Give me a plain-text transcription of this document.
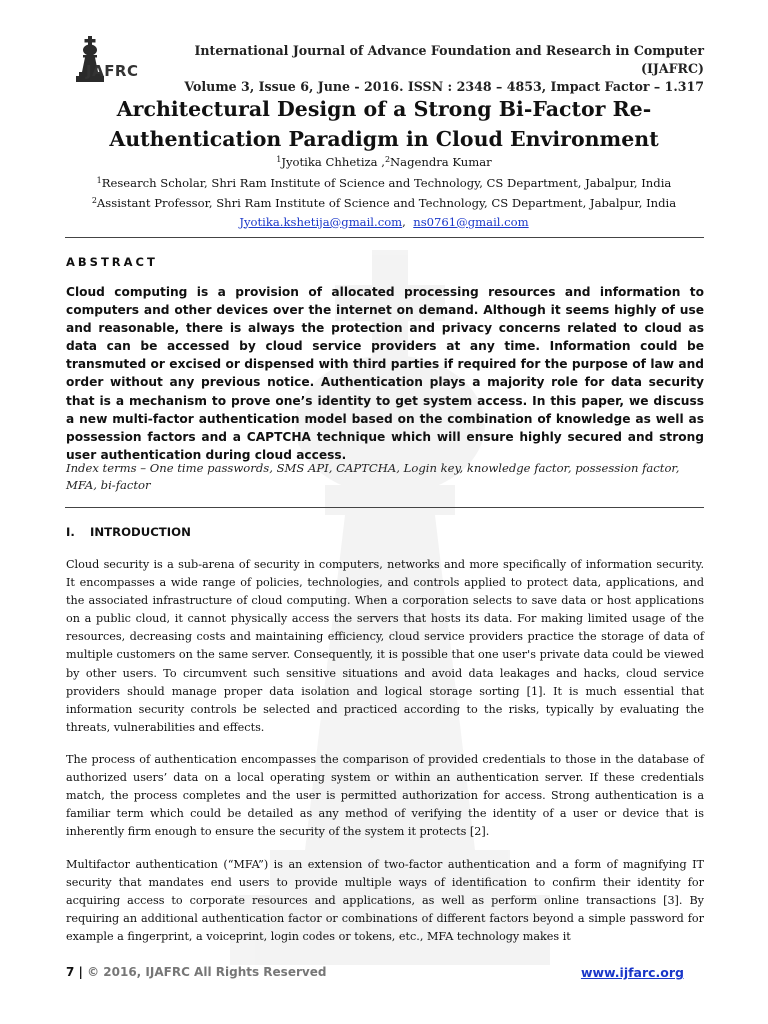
JAFRC
International Journal of Advance Foundation and Research in Computer (IJAFRC)
Volume 3, Issue 6, June - 2016. ISSN : 2348 – 4853, Impact Factor – 1.317
Architectural Design of a Strong Bi-Factor Re-
Authentication Paradigm in Cloud Environment
$^1$Jyotika Chhetiza ,$^2$Nagendra Kumar
$^1$Research Scholar, Shri Ram Institute of Science and Technology, CS Department, Jabalpur, India
$^2$Assistant Professor, Shri Ram Institute of Science and Technology, CS Department, Jabalpur, India
Jyotika.kshetija@gmail.com,  ns0761@gmail.com
ABSTRACT
Cloud computing is a provision of allocated processing resources and information to computers and other devices over the internet on demand. Although it seems highly of use and reasonable, there is always the protection and privacy concerns related to cloud as data can be accessed by cloud service providers at any time. Information could be transmuted or excised or dispensed with third parties if required for the purpose of law and order without any previous notice. Authentication plays a majority role for data security that is a mechanism to prove one’s identity to get system access. In this paper, we discuss a new multi-factor authentication model based on the combination of knowledge as well as possession factors and a CAPTCHA technique which will ensure highly secured and strong user authentication during cloud access.
Index terms – One time passwords, SMS API, CAPTCHA, Login key, knowledge factor, possession factor, MFA, bi-factor
I. INTRODUCTION
Cloud security is a sub-arena of security in computers, networks and more specifically of information security. It encompasses a wide range of policies, technologies, and controls applied to protect data, applications, and the associated infrastructure of cloud computing. When a corporation selects to save data or host applications on a public cloud, it cannot physically access the servers that hosts its data. For making limited usage of the resources, decreasing costs and maintaining efficiency, cloud service providers practice the storage of data of multiple customers on the same server. Consequently, it is possible that one user's private data could be viewed by other users. To circumvent such sensitive situations and avoid data leakages and hacks, cloud service providers should manage proper data isolation and logical storage sorting [1]. It is much essential that information security controls be selected and practiced according to the risks, typically by evaluating the threats, vulnerabilities and effects.
The process of authentication encompasses the comparison of provided credentials to those in the database of authorized users’ data on a local operating system or within an authentication server. If these credentials match, the process completes and the user is permitted authorization for access. Strong authentication is a familiar term which could be detailed as any method of verifying the identity of a user or device that is inherently firm enough to ensure the security of the system it protects [2].
Multifactor authentication (“MFA”) is an extension of two-factor authentication and a form of magnifying IT security that mandates end users to provide multiple ways of identification to confirm their identity for acquiring access to corporate resources and applications, as well as perform online transactions [3]. By requiring an additional authentication factor or combinations of different factors beyond a simple password for example a fingerprint, a voiceprint, login codes or tokens, etc., MFA technology makes it
7 | © 2016, IJAFRC All Rights Reserved	www.ijfarc.org
